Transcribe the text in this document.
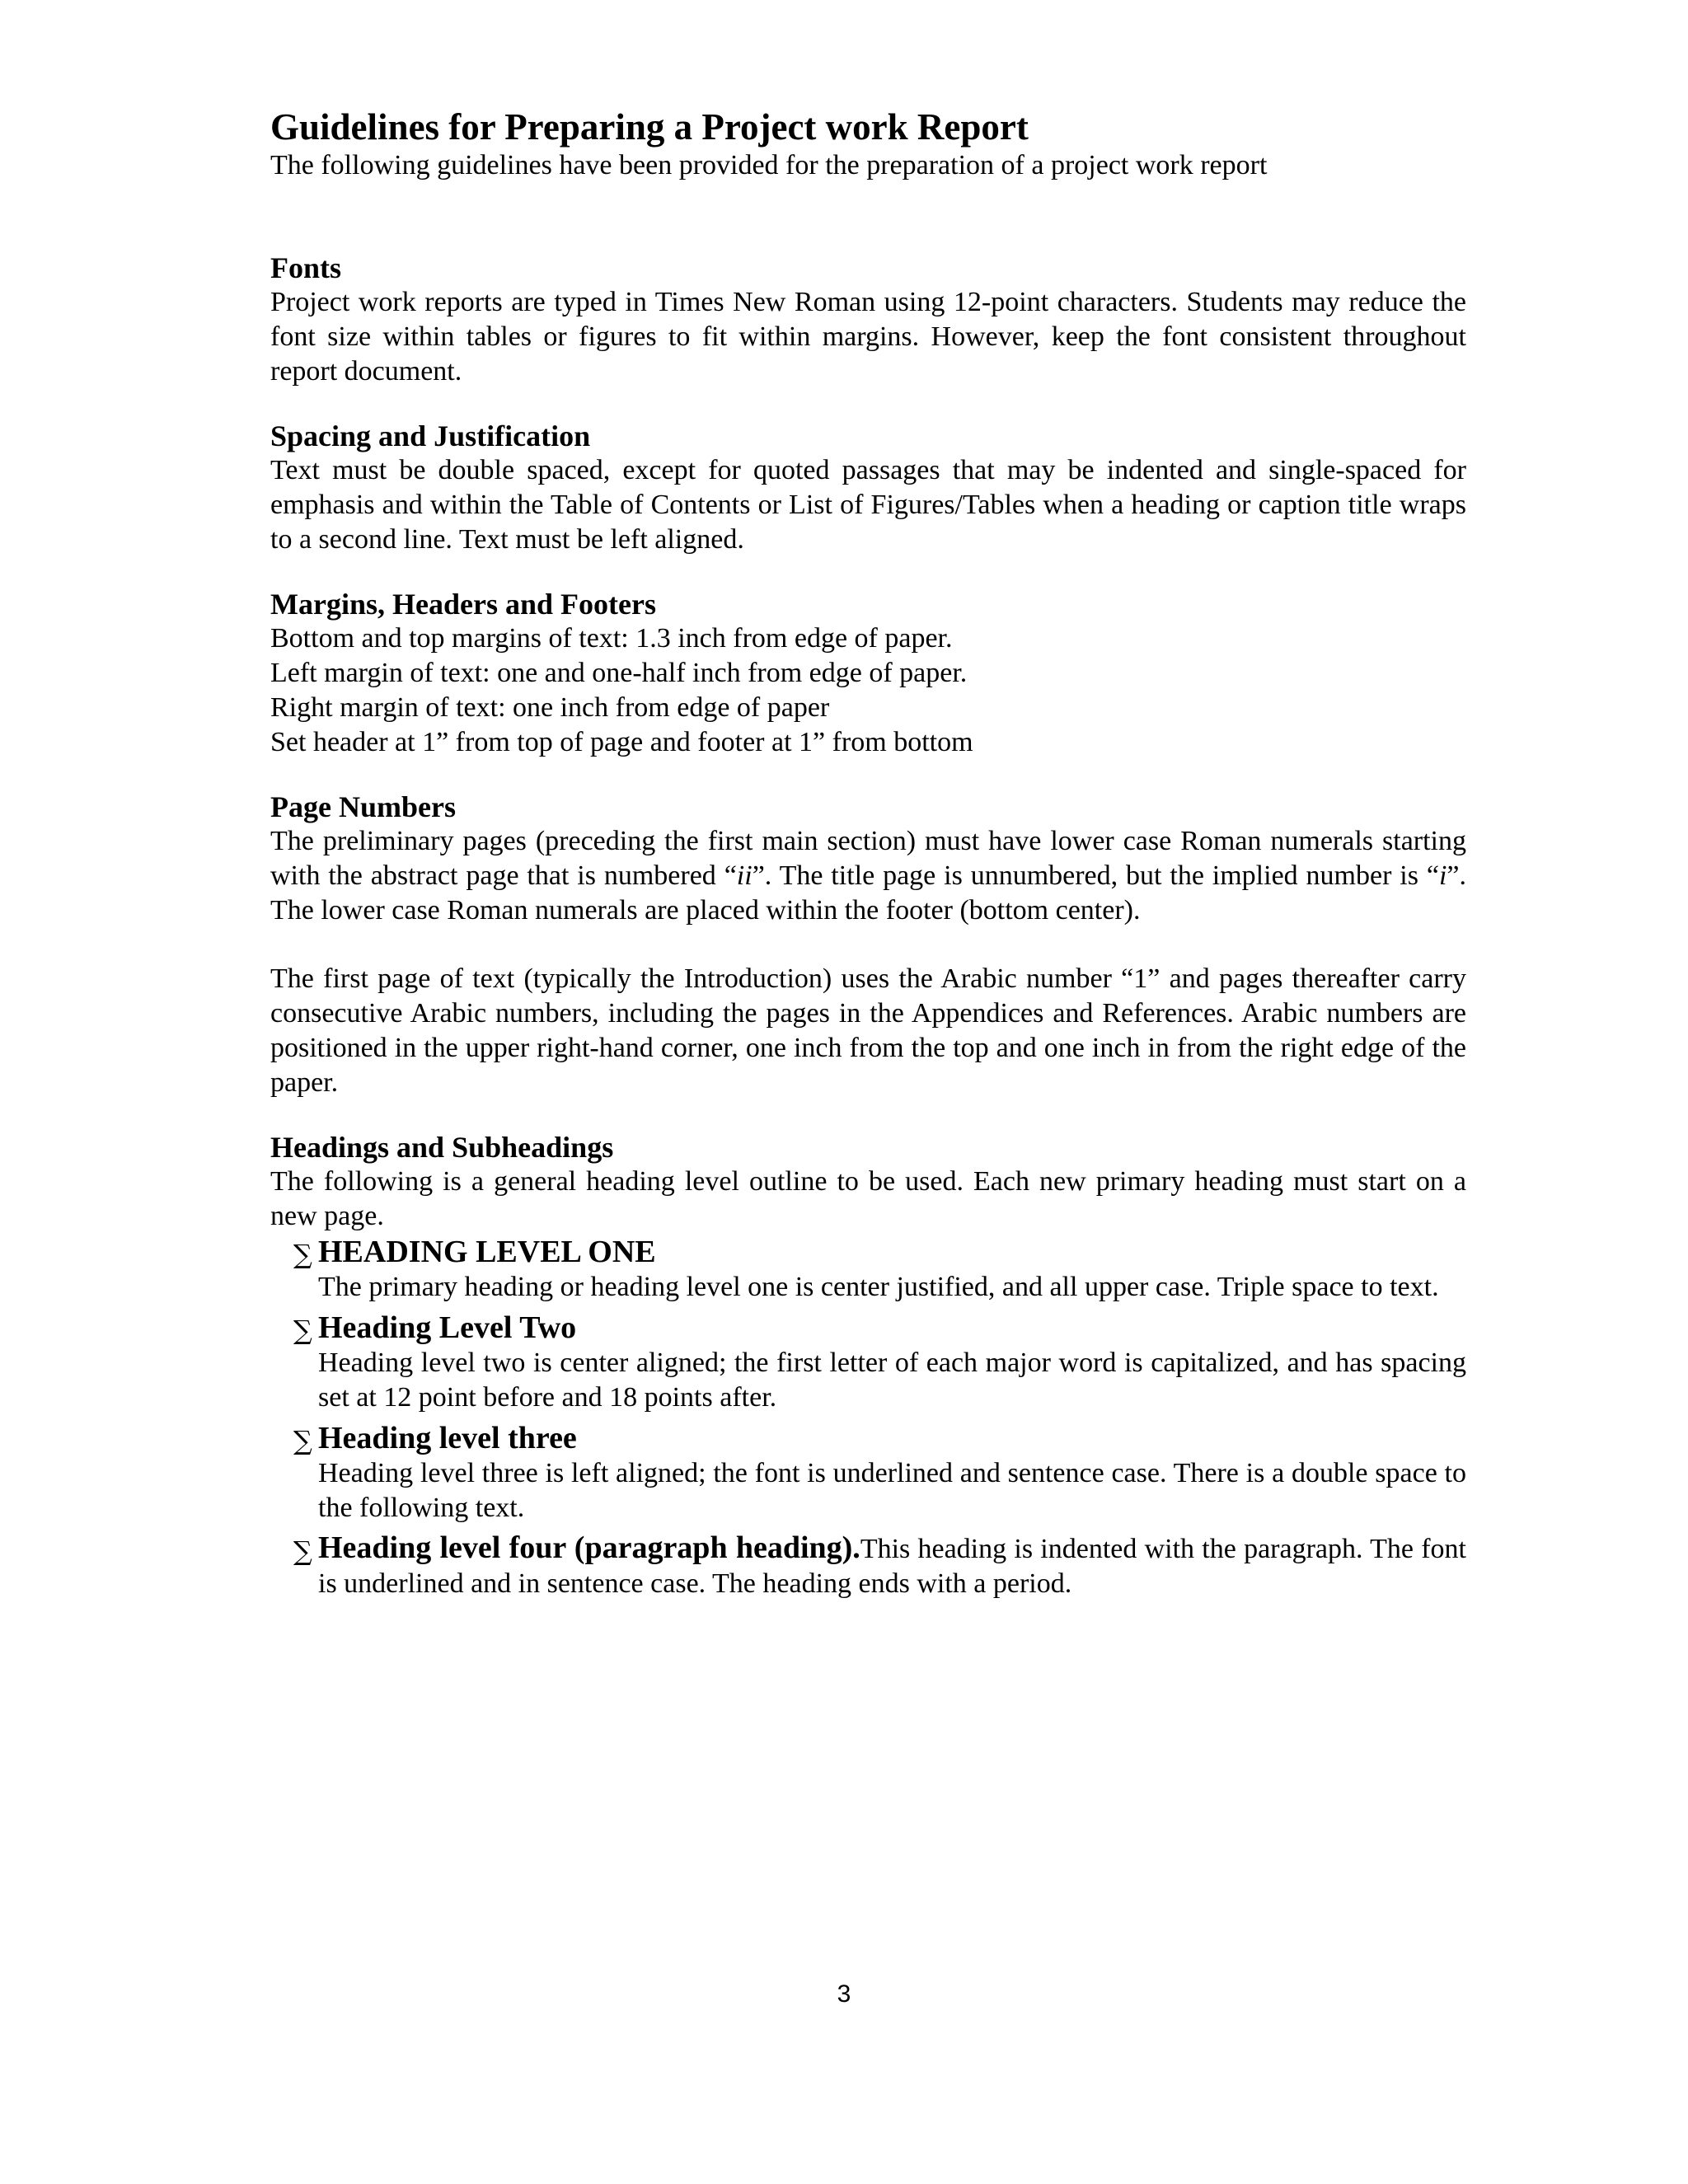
Guidelines for Preparing a Project work Report

The following guidelines have been provided for the preparation of a project work report

Fonts

Project work reports are typed in Times New Roman using 12-point characters. Students may reduce the font size within tables or figures to fit within margins. However, keep the font consistent throughout report document.

Spacing and Justification

Text must be double spaced, except for quoted passages that may be indented and single-spaced for emphasis and within the Table of Contents or List of Figures/Tables when a heading or caption title wraps to a second line. Text must be left aligned.

Margins, Headers and Footers

Bottom and top margins of text: 1.3 inch from edge of paper.

Left margin of text: one and one-half inch from edge of paper.

Right margin of text: one inch from edge of paper

Set header at 1” from top of page and footer at 1” from bottom

Page Numbers

The preliminary pages (preceding the first main section) must have lower case Roman numerals starting with the abstract page that is numbered “ii”. The title page is unnumbered, but the implied number is “i”. The lower case Roman numerals are placed within the footer (bottom center).

The first page of text (typically the Introduction) uses the Arabic number “1” and pages thereafter carry consecutive Arabic numbers, including the pages in the Appendices and References. Arabic numbers are positioned in the upper right-hand corner, one inch from the top and one inch in from the right edge of the paper.

Headings and Subheadings

The following is a general heading level outline to be used. Each new primary heading must start on a new page.

∑ HEADING LEVEL ONE

The primary heading or heading level one is center justified, and all upper case. Triple space to text.

∑ Heading Level Two

Heading level two is center aligned; the first letter of each major word is capitalized, and has spacing set at 12 point before and 18 points after.

∑ Heading level three

Heading level three is left aligned; the font is underlined and sentence case. There is a double space to the following text.

∑ Heading level four (paragraph heading).This heading is indented with the paragraph. The font is underlined and in sentence case. The heading ends with a period.

3
